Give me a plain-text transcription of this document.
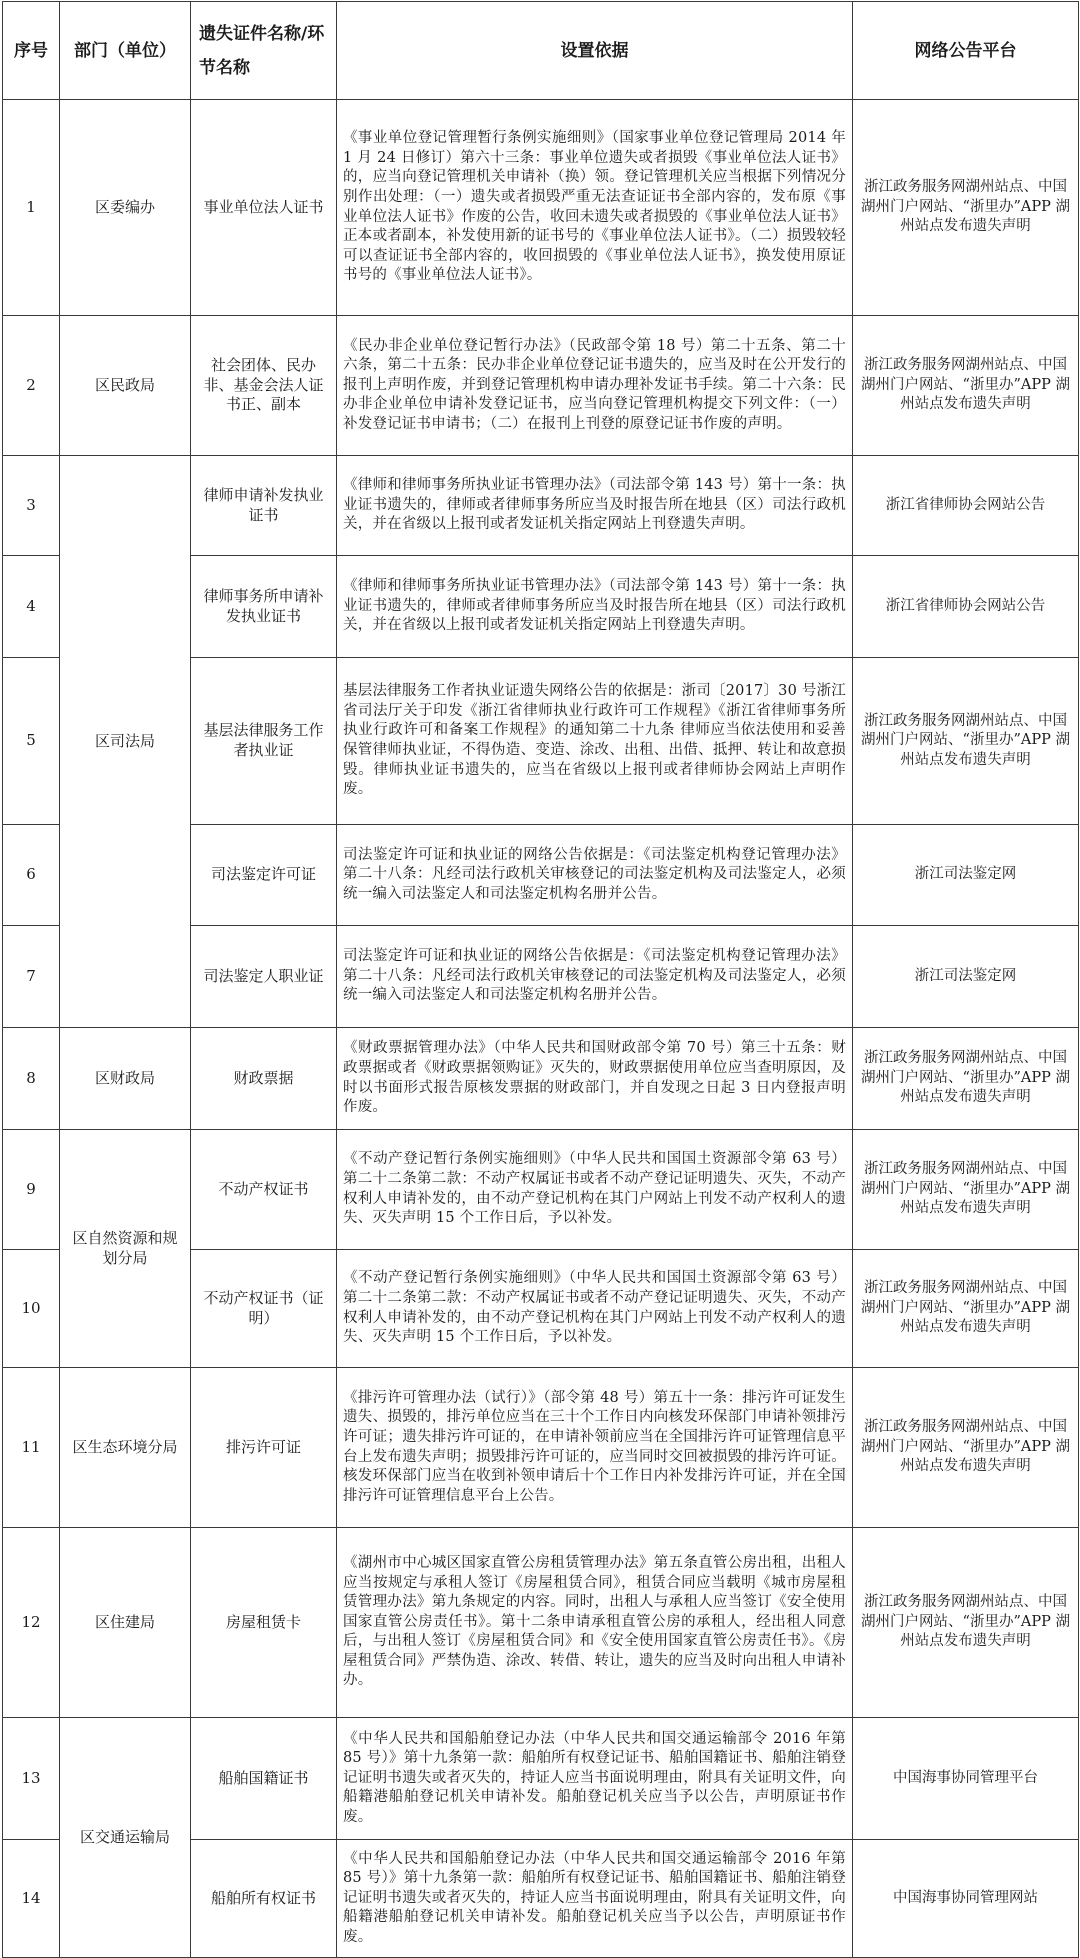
序号	部门（单位）	遗失证件名称/环节名称	设置依据	网络公告平台
1	区委编办	事业单位法人证书	《事业单位登记管理暂行条例实施细则》（国家事业单位登记管理局 2014 年 1 月 24 日修订）第六十三条：事业单位遗失或者损毁《事业单位法人证书》的，应当向登记管理机关申请补（换）领。登记管理机关应当根据下列情况分别作出处理：（一）遗失或者损毁严重无法查证证书全部内容的，发布原《事业单位法人证书》作废的公告，收回未遗失或者损毁的《事业单位法人证书》正本或者副本，补发使用新的证书号的《事业单位法人证书》。（二）损毁较轻可以查证证书全部内容的，收回损毁的《事业单位法人证书》，换发使用原证书号的《事业单位法人证书》。	浙江政务服务网湖州站点、中国湖州门户网站、“浙里办”APP 湖州站点发布遗失声明
2	区民政局	社会团体、民办非、基金会法人证书正、副本	《民办非企业单位登记暂行办法》（民政部令第 18 号）第二十五条、第二十六条，第二十五条：民办非企业单位登记证书遗失的，应当及时在公开发行的报刊上声明作废，并到登记管理机构申请办理补发证书手续。第二十六条：民办非企业单位申请补发登记证书，应当向登记管理机构提交下列文件：（一）补发登记证书申请书；（二）在报刊上刊登的原登记证书作废的声明。	浙江政务服务网湖州站点、中国湖州门户网站、“浙里办”APP 湖州站点发布遗失声明
3	区司法局	律师申请补发执业证书	《律师和律师事务所执业证书管理办法》（司法部令第 143 号）第十一条：执业证书遗失的，律师或者律师事务所应当及时报告所在地县（区）司法行政机关，并在省级以上报刊或者发证机关指定网站上刊登遗失声明。	浙江省律师协会网站公告
4		律师事务所申请补发执业证书	《律师和律师事务所执业证书管理办法》（司法部令第 143 号）第十一条：执业证书遗失的，律师或者律师事务所应当及时报告所在地县（区）司法行政机关，并在省级以上报刊或者发证机关指定网站上刊登遗失声明。	浙江省律师协会网站公告
5		基层法律服务工作者执业证	基层法律服务工作者执业证遗失网络公告的依据是：浙司〔2017〕30 号浙江省司法厅关于印发《浙江省律师执业行政许可工作规程》《浙江省律师事务所执业行政许可和备案工作规程》的通知第二十九条 律师应当依法使用和妥善保管律师执业证，不得伪造、变造、涂改、出租、出借、抵押、转让和故意损毁。律师执业证书遗失的，应当在省级以上报刊或者律师协会网站上声明作废。	浙江政务服务网湖州站点、中国湖州门户网站、“浙里办”APP 湖州站点发布遗失声明
6		司法鉴定许可证	司法鉴定许可证和执业证的网络公告依据是：《司法鉴定机构登记管理办法》第二十八条：凡经司法行政机关审核登记的司法鉴定机构及司法鉴定人，必须统一编入司法鉴定人和司法鉴定机构名册并公告。	浙江司法鉴定网
7		司法鉴定人职业证	司法鉴定许可证和执业证的网络公告依据是：《司法鉴定机构登记管理办法》第二十八条：凡经司法行政机关审核登记的司法鉴定机构及司法鉴定人，必须统一编入司法鉴定人和司法鉴定机构名册并公告。	浙江司法鉴定网
8	区财政局	财政票据	《财政票据管理办法》（中华人民共和国财政部令第 70 号）第三十五条：财政票据或者《财政票据领购证》灭失的，财政票据使用单位应当查明原因，及时以书面形式报告原核发票据的财政部门，并自发现之日起 3 日内登报声明作废。	浙江政务服务网湖州站点、中国湖州门户网站、“浙里办”APP 湖州站点发布遗失声明
9	区自然资源和规划分局	不动产权证书	《不动产登记暂行条例实施细则》（中华人民共和国国土资源部令第 63 号）第二十二条第二款：不动产权属证书或者不动产登记证明遗失、灭失，不动产权利人申请补发的，由不动产登记机构在其门户网站上刊发不动产权利人的遗失、灭失声明 15 个工作日后，予以补发。	浙江政务服务网湖州站点、中国湖州门户网站、“浙里办”APP 湖州站点发布遗失声明
10		不动产权证书（证明）	《不动产登记暂行条例实施细则》（中华人民共和国国土资源部令第 63 号）第二十二条第二款：不动产权属证书或者不动产登记证明遗失、灭失，不动产权利人申请补发的，由不动产登记机构在其门户网站上刊发不动产权利人的遗失、灭失声明 15 个工作日后，予以补发。	浙江政务服务网湖州站点、中国湖州门户网站、“浙里办”APP 湖州站点发布遗失声明
11	区生态环境分局	排污许可证	《排污许可管理办法（试行）》（部令第 48 号）第五十一条：排污许可证发生遗失、损毁的，排污单位应当在三十个工作日内向核发环保部门申请补领排污许可证；遗失排污许可证的，在申请补领前应当在全国排污许可证管理信息平台上发布遗失声明；损毁排污许可证的，应当同时交回被损毁的排污许可证。核发环保部门应当在收到补领申请后十个工作日内补发排污许可证，并在全国排污许可证管理信息平台上公告。	浙江政务服务网湖州站点、中国湖州门户网站、“浙里办”APP 湖州站点发布遗失声明
12	区住建局	房屋租赁卡	《湖州市中心城区国家直管公房租赁管理办法》第五条直管公房出租，出租人应当按规定与承租人签订《房屋租赁合同》，租赁合同应当载明《城市房屋租赁管理办法》第九条规定的内容。同时，出租人与承租人应当签订《安全使用国家直管公房责任书》。第十二条申请承租直管公房的承租人，经出租人同意后，与出租人签订《房屋租赁合同》和《安全使用国家直管公房责任书》。《房屋租赁合同》严禁伪造、涂改、转借、转让，遗失的应当及时向出租人申请补办。	浙江政务服务网湖州站点、中国湖州门户网站、“浙里办”APP 湖州站点发布遗失声明
13	区交通运输局	船舶国籍证书	《中华人民共和国船舶登记办法（中华人民共和国交通运输部令 2016 年第 85 号）》第十九条第一款：船舶所有权登记证书、船舶国籍证书、船舶注销登记证明书遗失或者灭失的，持证人应当书面说明理由，附具有关证明文件，向船籍港船舶登记机关申请补发。船舶登记机关应当予以公告，声明原证书作废。	中国海事协同管理平台
14		船舶所有权证书	《中华人民共和国船舶登记办法（中华人民共和国交通运输部令 2016 年第 85 号）》第十九条第一款：船舶所有权登记证书、船舶国籍证书、船舶注销登记证明书遗失或者灭失的，持证人应当书面说明理由，附具有关证明文件，向船籍港船舶登记机关申请补发。船舶登记机关应当予以公告，声明原证书作废。	中国海事协同管理网站
